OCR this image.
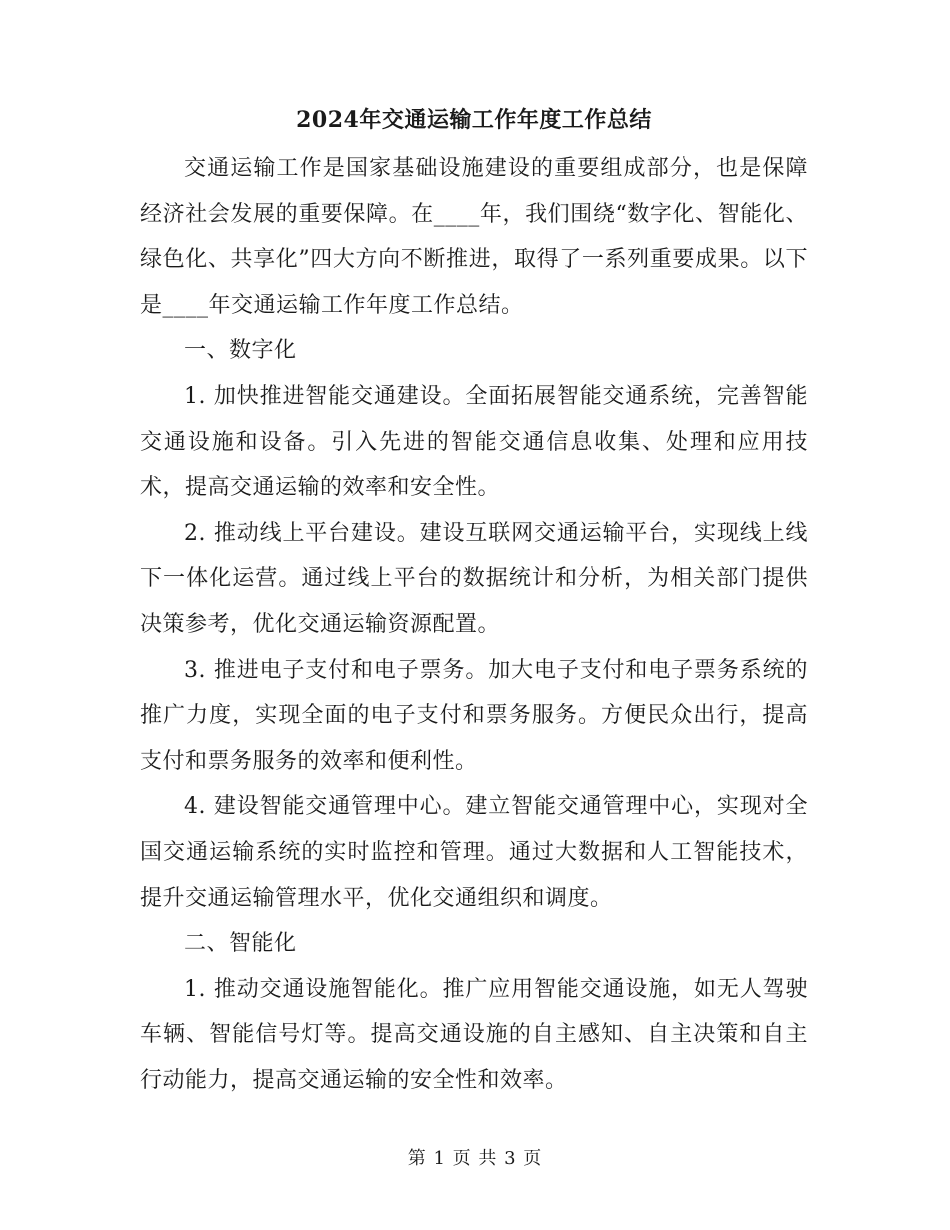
2024年交通运输工作年度工作总结

交通运输工作是国家基础设施建设的重要组成部分，也是保障经济社会发展的重要保障。在____年，我们围绕“数字化、智能化、绿色化、共享化”四大方向不断推进，取得了一系列重要成果。以下是____年交通运输工作年度工作总结。

一、数字化

1. 加快推进智能交通建设。全面拓展智能交通系统，完善智能交通设施和设备。引入先进的智能交通信息收集、处理和应用技术，提高交通运输的效率和安全性。

2. 推动线上平台建设。建设互联网交通运输平台，实现线上线下一体化运营。通过线上平台的数据统计和分析，为相关部门提供决策参考，优化交通运输资源配置。

3. 推进电子支付和电子票务。加大电子支付和电子票务系统的推广力度，实现全面的电子支付和票务服务。方便民众出行，提高支付和票务服务的效率和便利性。

4. 建设智能交通管理中心。建立智能交通管理中心，实现对全国交通运输系统的实时监控和管理。通过大数据和人工智能技术，提升交通运输管理水平，优化交通组织和调度。

二、智能化

1. 推动交通设施智能化。推广应用智能交通设施，如无人驾驶车辆、智能信号灯等。提高交通设施的自主感知、自主决策和自主行动能力，提高交通运输的安全性和效率。

第 1 页 共 3 页
